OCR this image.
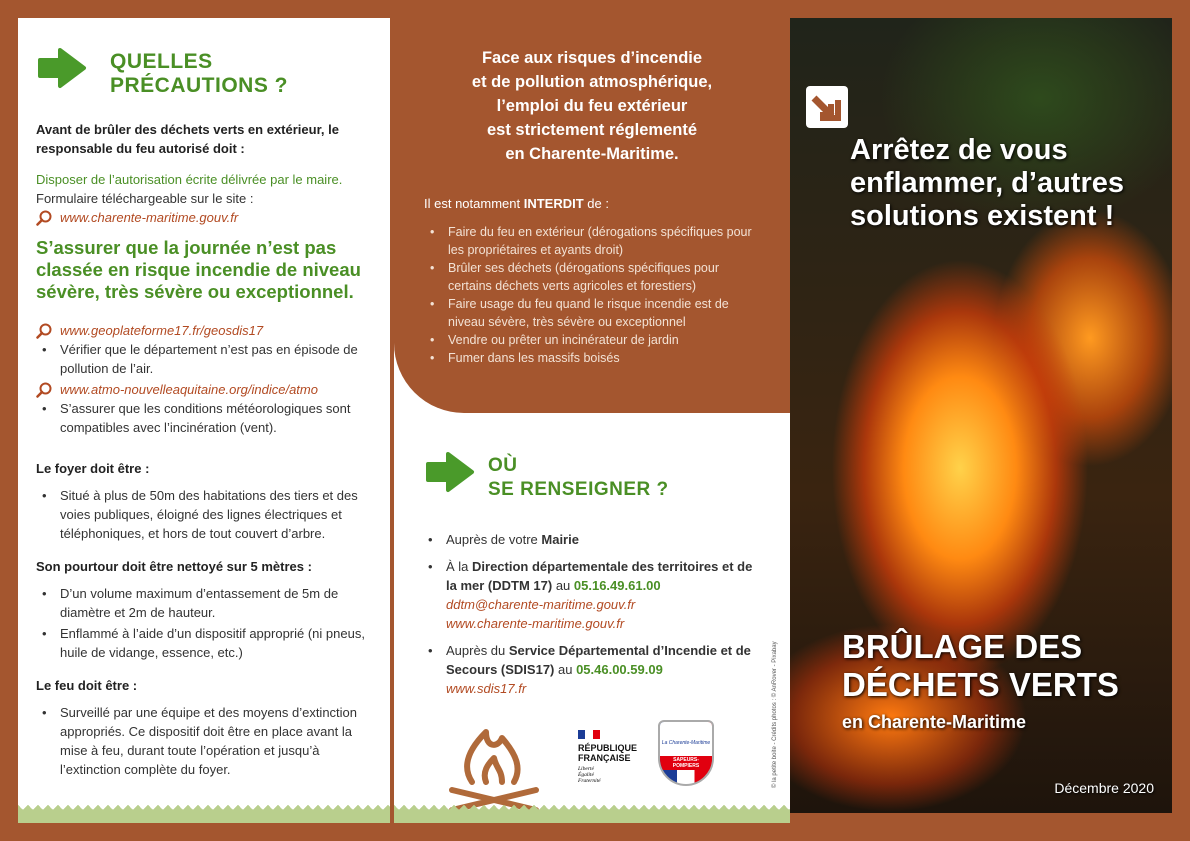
QUELLES
PRÉCAUTIONS ?

Avant de brûler des déchets verts en extérieur, le responsable du feu autorisé doit :

Disposer de l’autorisation écrite délivrée par le maire.

Formulaire téléchargeable sur le site :

www.charente-maritime.gouv.fr

S’assurer que la journée n’est pas classée en risque incendie de niveau sévère, très sévère ou exceptionnel.

www.geoplateforme17.fr/geosdis17
• Vérifier que le département n’est pas en épisode de pollution de l’air.
www.atmo-nouvelleaquitaine.org/indice/atmo
• S’assurer que les conditions météorologiques sont compatibles avec l’incinération (vent).

Le foyer doit être :

• Situé à plus de 50m des habitations des tiers et des voies publiques, éloigné des lignes électriques et téléphoniques, et hors de tout couvert d’arbre.

Son pourtour doit être nettoyé sur 5 mètres :

• D’un volume maximum d’entassement de 5m de diamètre et 2m de hauteur.
• Enflammé à l’aide d’un dispositif approprié (ni pneus, huile de vidange, essence, etc.)

Le feu doit être :

• Surveillé par une équipe et des moyens d’extinction appropriés. Ce dispositif doit être en place avant la mise à feu, durant toute l’opération et jusqu’à l’extinction complète du foyer.
Face aux risques d’incendie
et de pollution atmosphérique,
l’emploi du feu extérieur
est strictement réglementé
en Charente-Maritime.

Il est notamment INTERDIT de :

• Faire du feu en extérieur (dérogations spécifiques pour les propriétaires et ayants droit)
• Brûler ses déchets (dérogations spécifiques pour certains déchets verts agricoles et forestiers)
• Faire usage du feu quand le risque incendie est de niveau sévère, très sévère ou exceptionnel
• Vendre ou prêter un incinérateur de jardin
• Fumer dans les massifs boisés
OÙ
SE RENSEIGNER ?
• Auprès de votre Mairie
• À la Direction départementale des territoires et de la mer (DDTM 17) au 05.16.49.61.00
ddtm@charente-maritime.gouv.fr
www.charente-maritime.gouv.fr
• Auprès du Service Départemental d’Incendie et de Secours (SDIS17) au 05.46.00.59.09
www.sdis17.fr
RÉPUBLIQUE
FRANÇAISE
Liberté
Égalité
Fraternité
La Charente-Maritime
SAPEURS-POMPIERS	© la petite boite - Crédits photos : © AnRover - Pixabay
Arrêtez de vous enflammer, d’autres solutions existent !
BRÛLAGE DES
DÉCHETS VERTS
en Charente-Maritime
Décembre 2020
